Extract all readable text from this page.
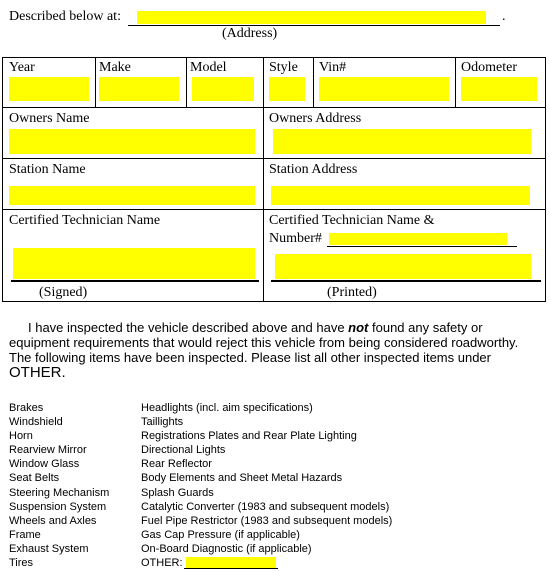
Described below at:	.
(Address)
Year	Make	Model	Style Vin#	Odometer
Owners Name	Owners Address
Station Name	Station Address
Certified Technician Name	Certified Technician Name &
Number#
(Signed)	(Printed)
I have inspected the vehicle described above and have not found any safety or equipment requirements that would reject this vehicle from being considered roadworthy. The following items have been inspected. Please list all other inspected items under OTHER.
Brakes
Windshield
Horn
Rearview Mirror
Window Glass
Seat Belts
Steering Mechanism
Suspension System
Wheels and Axles
Frame
Exhaust System
Tires
Headlights (incl. aim specifications)
Taillights
Registrations Plates and Rear Plate Lighting
Directional Lights
Rear Reflector
Body Elements and Sheet Metal Hazards
Splash Guards
Catalytic Converter (1983 and subsequent models)
Fuel Pipe Restrictor (1983 and subsequent models)
Gas Cap Pressure (if applicable)
On-Board Diagnostic (if applicable)
OTHER:
